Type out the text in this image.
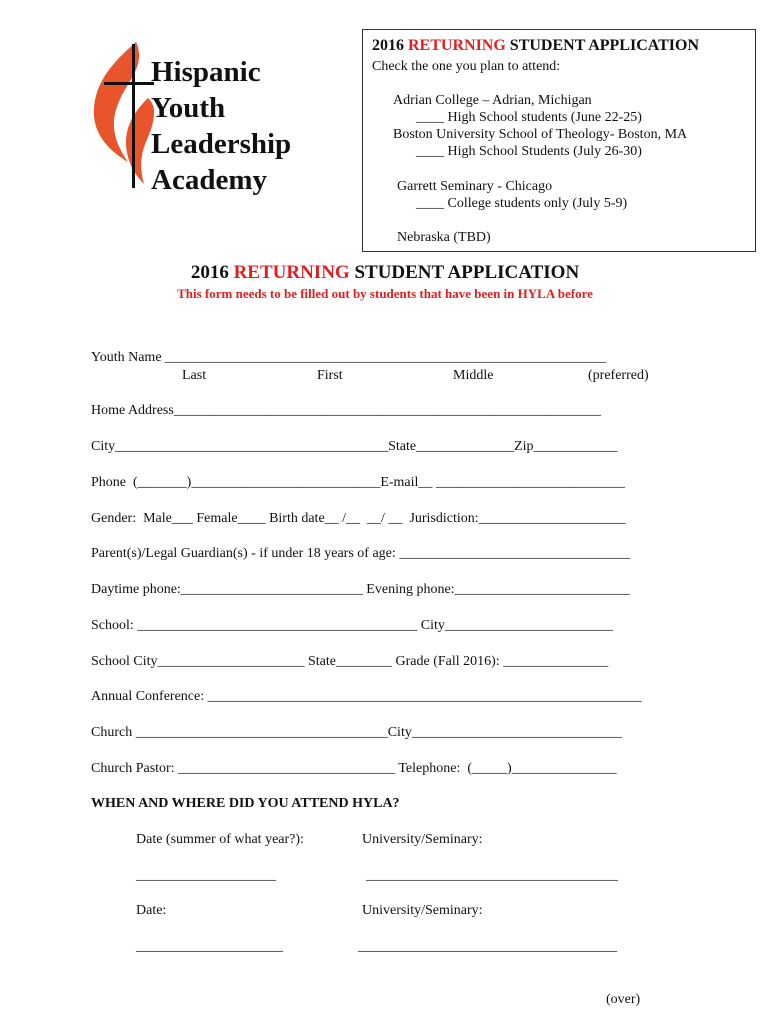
Hispanic
Youth
Leadership
Academy
2016 RETURNING STUDENT APPLICATION
Check the one you plan to attend:
Adrian College – Adrian, Michigan
____ High School students (June 22-25)
Boston University School of Theology- Boston, MA
____ High School Students (July 26-30)
Garrett Seminary - Chicago
____ College students only (July 5-9)
Nebraska (TBD)
2016 RETURNING STUDENT APPLICATION
This form needs to be filled out by students that have been in HYLA before
Youth Name _______________________________________________________________
Last	First	Middle	(preferred)
Home Address_____________________________________________________________
City_______________________________________State______________Zip____________
Phone  (_______)___________________________E-mail__ ___________________________
Gender:  Male___ Female____ Birth date__ /__  __/ __  Jurisdiction:_____________________
Parent(s)/Legal Guardian(s) - if under 18 years of age: _________________________________
Daytime phone:__________________________ Evening phone:_________________________
School: ________________________________________ City________________________
School City_____________________ State________ Grade (Fall 2016): _______________
Annual Conference: ______________________________________________________________
Church ____________________________________City______________________________
Church Pastor: _______________________________ Telephone:  (_____)_______________
WHEN AND WHERE DID YOU ATTEND HYLA?
Date (summer of what year?):	University/Seminary:
____________________	____________________________________
Date:	University/Seminary:
_____________________	_____________________________________
(over)
